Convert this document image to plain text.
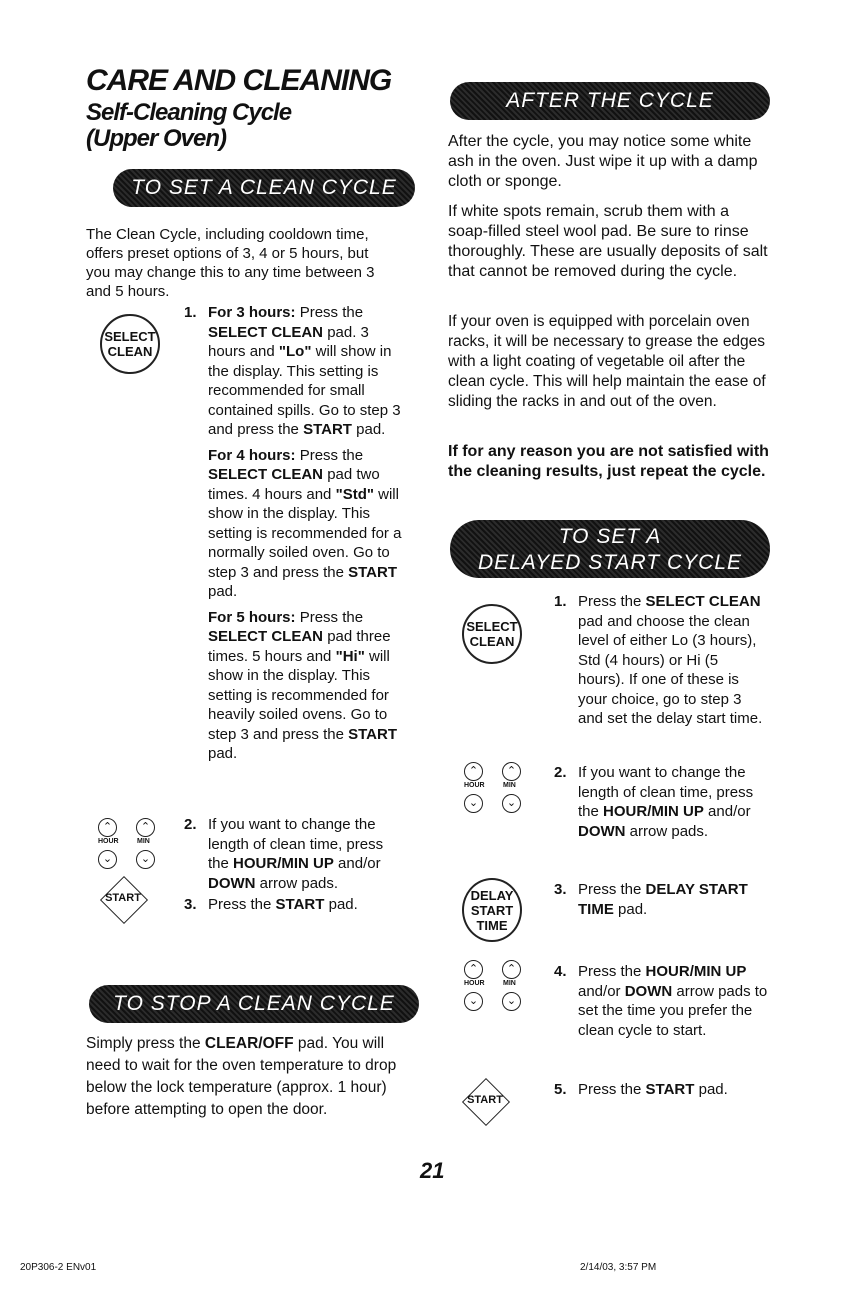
CARE AND CLEANING
Self-Cleaning Cycle
(Upper Oven)
TO SET A CLEAN CYCLE
The Clean Cycle, including cooldown time, offers preset options of 3, 4 or 5 hours, but you may change this to any time between 3 and 5 hours.
SELECT
CLEAN
1. For 3 hours: Press the SELECT CLEAN pad. 3 hours and "Lo" will show in the display. This setting is recommended for small contained spills. Go to step 3 and press the START pad.
For 4 hours: Press the SELECT CLEAN pad two times. 4 hours and "Std" will show in the display. This setting is recommended for a normally soiled oven. Go to step 3 and press the START pad.
For 5 hours: Press the SELECT CLEAN pad three times. 5 hours and "Hi" will show in the display. This setting is recommended for heavily soiled ovens. Go to step 3 and press the START pad.
⌃	⌃
HOUR	MIN
⌄	⌄
2. If you want to change the length of clean time, press the HOUR/MIN UP and/or DOWN arrow pads.
START	3. Press the START pad.
TO STOP A CLEAN CYCLE
Simply press the CLEAR/OFF pad. You will need to wait for the oven temperature to drop below the lock temperature (approx. 1 hour) before attempting to open the door.
AFTER THE CYCLE
After the cycle, you may notice some white ash in the oven. Just wipe it up with a damp cloth or sponge.
If white spots remain, scrub them with a soap-filled steel wool pad. Be sure to rinse thoroughly. These are usually deposits of salt that cannot be removed during the cycle.
If your oven is equipped with porcelain oven racks, it will be necessary to grease the edges with a light coating of vegetable oil after the clean cycle. This will help maintain the ease of sliding the racks in and out of the oven.
If for any reason you are not satisfied with the cleaning results, just repeat the cycle.
TO SET A
DELAYED START CYCLE
SELECT
CLEAN
1. Press the SELECT CLEAN pad and choose the clean level of either Lo (3 hours), Std (4 hours) or Hi (5 hours). If one of these is your choice, go to step 3 and set the delay start time.
⌃	⌃
HOUR	MIN
⌄	⌄
2. If you want to change the length of clean time, press the HOUR/MIN UP and/or DOWN arrow pads.
DELAY
START
TIME
3. Press the DELAY START TIME pad.
⌃	⌃
HOUR	MIN
⌄	⌄
4. Press the HOUR/MIN UP and/or DOWN arrow pads to set the time you prefer the clean cycle to start.
START
5. Press the START pad.
21
20P306-2 ENv01	2/14/03, 3:57 PM
